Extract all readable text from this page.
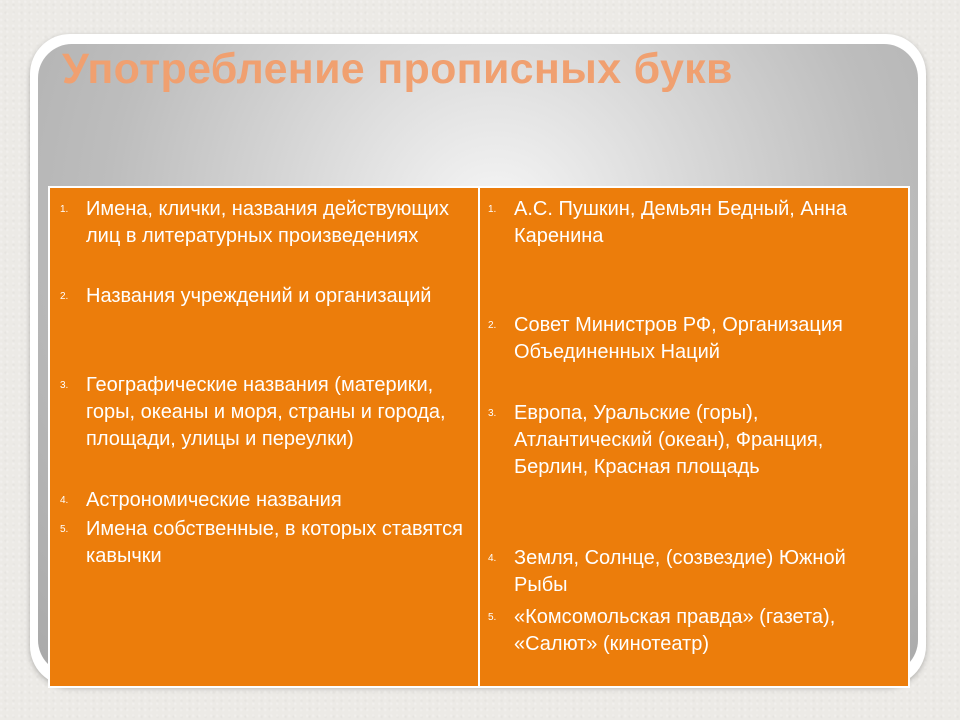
Употребление прописных букв
1. Имена, клички, названия действующих лиц в литературных произведениях
2. Названия учреждений и организаций
3. Географические названия (материки, горы, океаны и моря, страны и города, площади, улицы и переулки)
4. Астрономические названия
5. Имена собственные, в которых ставятся кавычки
1. А.С. Пушкин, Демьян Бедный, Анна Каренина
2. Совет Министров РФ, Организация Объединенных Наций
3. Европа, Уральские (горы), Атлантический (океан), Франция, Берлин, Красная площадь
4. Земля, Солнце, (созвездие) Южной Рыбы
5. «Комсомольская правда» (газета), «Салют» (кинотеатр)
